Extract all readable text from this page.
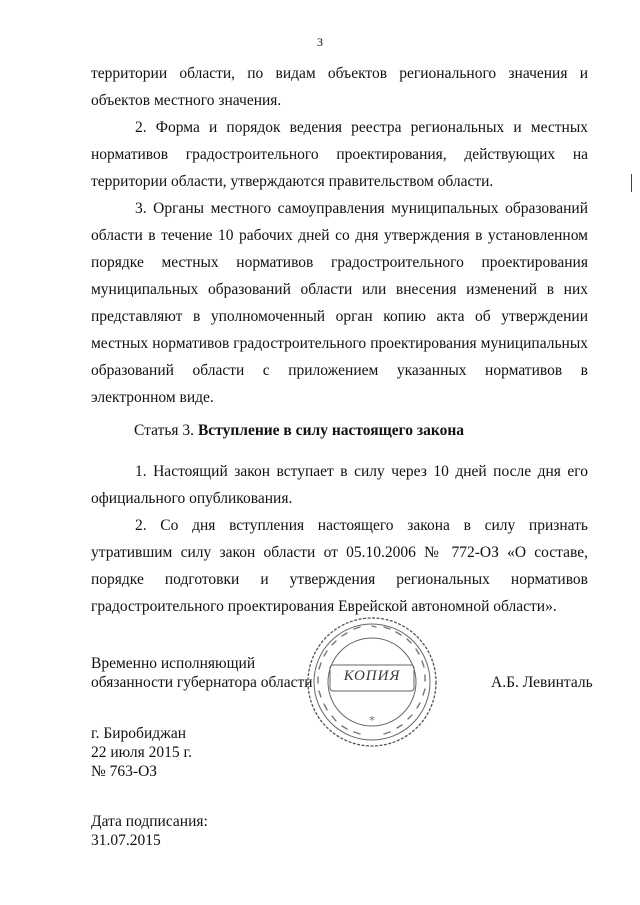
3

территории области, по видам объектов регионального значения и объектов местного значения.

2. Форма и порядок ведения реестра региональных и местных нормативов градостроительного проектирования, действующих на территории области, утверждаются правительством области.

3. Органы местного самоуправления муниципальных образований области в течение 10 рабочих дней со дня утверждения в установленном порядке местных нормативов градостроительного проектирования муниципальных образований области или внесения изменений в них представляют в уполномоченный орган копию акта об утверждении местных нормативов градостроительного проектирования муниципальных образований области с приложением указанных нормативов в электронном виде.

Статья 3. Вступление в силу настоящего закона

1. Настоящий закон вступает в силу через 10 дней после дня его официального опубликования.

2. Со дня вступления настоящего закона в силу признать утратившим силу закон области от 05.10.2006 № 772-ОЗ «О составе, порядке подготовки и утверждения региональных нормативов градостроительного проектирования Еврейской автономной области».

Временно исполняющий
обязанности губернатора области
*
КОПИЯ	А.Б. Левинталь
г. Биробиджан
22 июля 2015 г.
№ 763-ОЗ
Дата подписания:
31.07.2015
